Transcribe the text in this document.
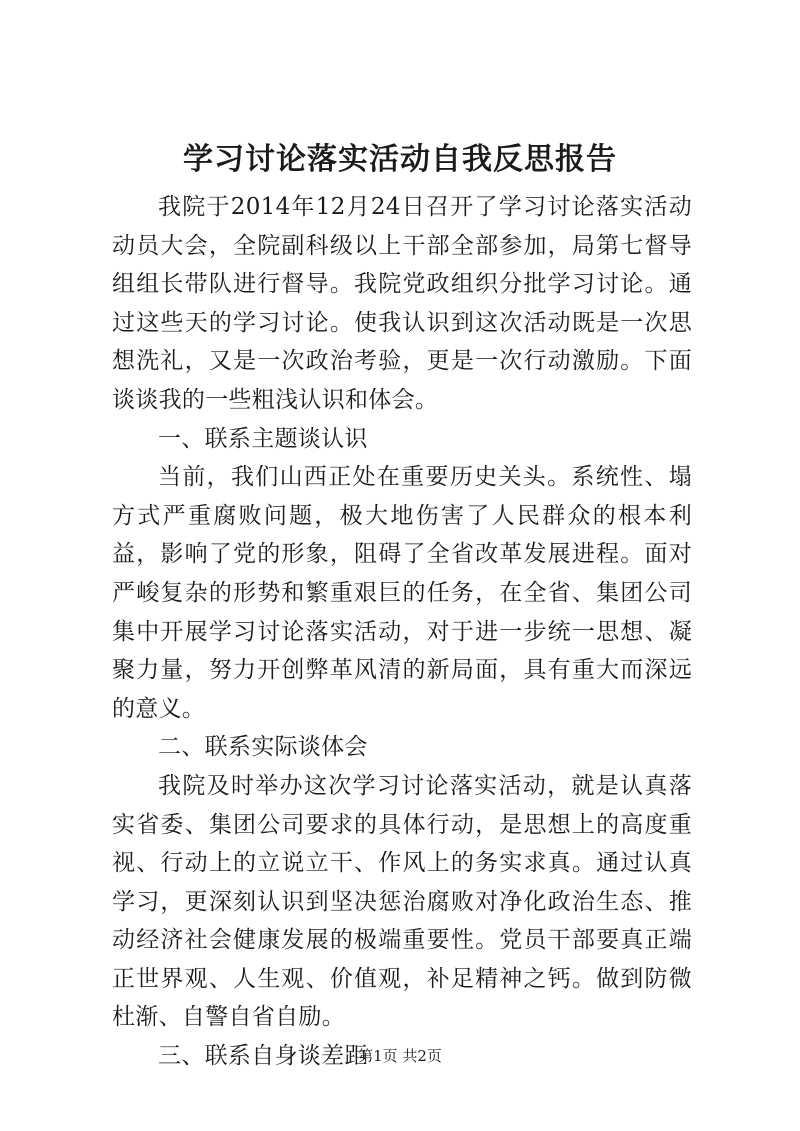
学习讨论落实活动自我反思报告

我院于2014年12月24日召开了学习讨论落实活动动员大会，全院副科级以上干部全部参加，局第七督导组组长带队进行督导。我院党政组织分批学习讨论。通过这些天的学习讨论。使我认识到这次活动既是一次思想洗礼，又是一次政治考验，更是一次行动激励。下面谈谈我的一些粗浅认识和体会。

一、联系主题谈认识

当前，我们山西正处在重要历史关头。系统性、塌方式严重腐败问题，极大地伤害了人民群众的根本利益，影响了党的形象，阻碍了全省改革发展进程。面对严峻复杂的形势和繁重艰巨的任务，在全省、集团公司集中开展学习讨论落实活动，对于进一步统一思想、凝聚力量，努力开创弊革风清的新局面，具有重大而深远的意义。

二、联系实际谈体会

我院及时举办这次学习讨论落实活动，就是认真落实省委、集团公司要求的具体行动，是思想上的高度重视、行动上的立说立干、作风上的务实求真。通过认真学习，更深刻认识到坚决惩治腐败对净化政治生态、推动经济社会健康发展的极端重要性。党员干部要真正端正世界观、人生观、价值观，补足精神之钙。做到防微杜渐、自警自省自励。

三、联系自身谈差距

第1页 共2页
